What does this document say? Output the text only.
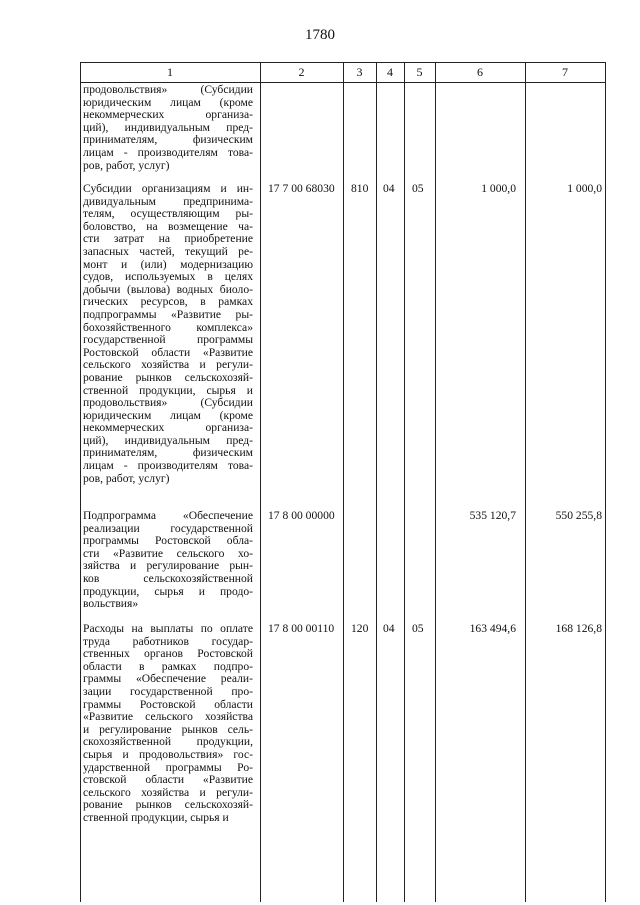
1780
1	2	3	4	5	6	7
продовольствия» (Субсидии
юридическим лицам (кроме
некоммерческих организа-
ций), индивидуальным пред-
принимателям, физическим
лицам - производителям това-
ров, работ, услуг)
Субсидии организациям и ин-
дивидуальным предпринима-
телям, осуществляющим ры-
боловство, на возмещение ча-
сти затрат на приобретение
запасных частей, текущий ре-
монт и (или) модернизацию
судов, используемых в целях
добычи (вылова) водных биоло-
гических ресурсов, в рамках
подпрограммы «Развитие ры-
бохозяйственного комплекса»
государственной программы
Ростовской области «Развитие
сельского хозяйства и регули-
рование рынков сельскохозяй-
ственной продукции, сырья и
продовольствия» (Субсидии
юридическим лицам (кроме
некоммерческих организа-
ций), индивидуальным пред-
принимателям, физическим
лицам - производителям това-
ров, работ, услуг)
17 7 00 68030 810 04 05	1 000,0	1 000,0
Подпрограмма «Обеспечение
реализации государственной
программы Ростовской обла-
сти «Развитие сельского хо-
зяйства и регулирование рын-
ков сельскохозяйственной
продукции, сырья и продо-
вольствия»
17 8 00 00000	535 120,7	550 255,8
Расходы на выплаты по оплате
труда работников государ-
ственных органов Ростовской
области в рамках подпро-
граммы «Обеспечение реали-
зации государственной про-
граммы Ростовской области
«Развитие сельского хозяйства
и регулирование рынков сель-
скохозяйственной продукции,
сырья и продовольствия» гос-
ударственной программы Ро-
стовской области «Развитие
сельского хозяйства и регули-
рование рынков сельскохозяй-
ственной продукции, сырья и
17 8 00 00110 120 04 05	163 494,6	168 126,8
